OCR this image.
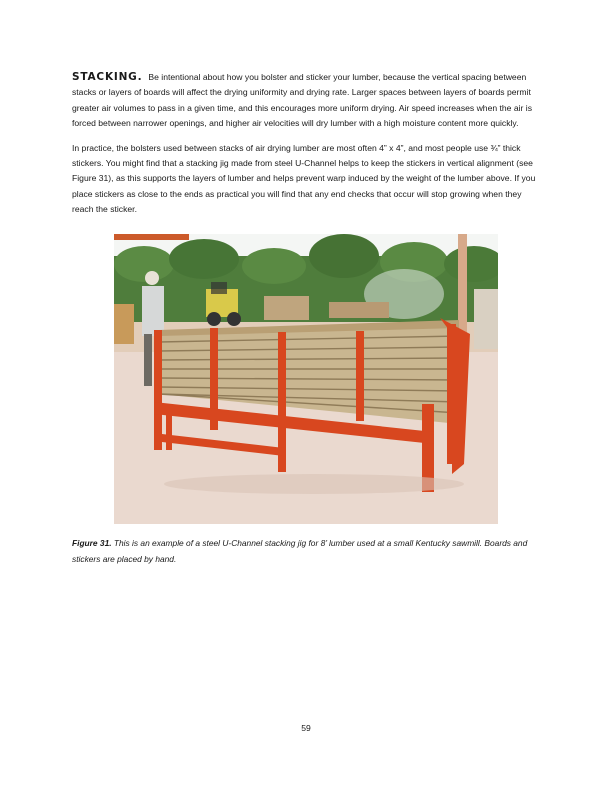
STACKING. Be intentional about how you bolster and sticker your lumber, because the vertical spacing between stacks or layers of boards will affect the drying uniformity and drying rate. Larger spaces between layers of boards permit greater air volumes to pass in a given time, and this encourages more uniform drying. Air speed increases when the air is forced between narrower openings, and higher air velocities will dry lumber with a high moisture content more quickly.

In practice, the bolsters used between stacks of air drying lumber are most often 4” x 4”, and most people use ¾” thick stickers. You might find that a stacking jig made from steel U-Channel helps to keep the stickers in vertical alignment (see Figure 31), as this supports the layers of lumber and helps prevent warp induced by the weight of the lumber above. If you place stickers as close to the ends as practical you will find that any end checks that occur will stop growing when they reach the sticker.

Figure 31. This is an example of a steel U-Channel stacking jig for 8’ lumber used at a small Kentucky sawmill. Boards and stickers are placed by hand.

59
